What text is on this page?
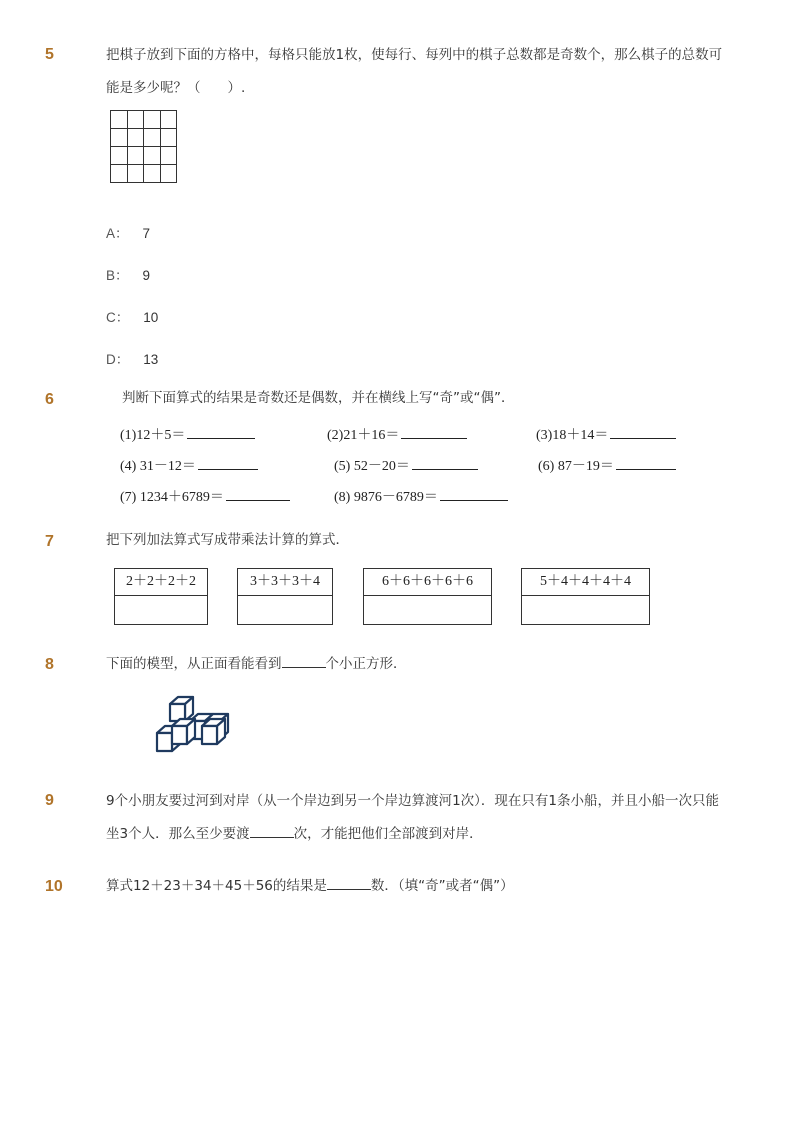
5	把棋子放到下面的方格中，每格只能放1枚，使每行、每列中的棋子总数都是奇数个，那么棋子的总数可能是多少呢？（　　）.

A： 7
B： 9
C： 10
D： 13
6	判断下面算式的结果是奇数还是偶数，并在横线上写“奇”或“偶”．
(1)12＋5＝	(2)21＋16＝	(3)18＋14＝
(4) 31－12＝	(5) 52－20＝	(6) 87－19＝
(7) 1234＋6789＝	(8) 9876－6789＝
7	把下列加法算式写成带乘法计算的算式．
2＋2＋2＋2	3＋3＋3＋4	6＋6＋6＋6＋6	5＋4＋4＋4＋4
8	下面的模型，从正面看能看到	个小正方形．
9	9个小朋友要过河到对岸（从一个岸边到另一个岸边算渡河1次）．现在只有1条小船，并且小船一次只能坐3个人．那么至少要渡	次，才能把他们全部渡到对岸．
10	算式12＋23＋34＋45＋56的结果是	数．（填“奇”或者“偶”）
